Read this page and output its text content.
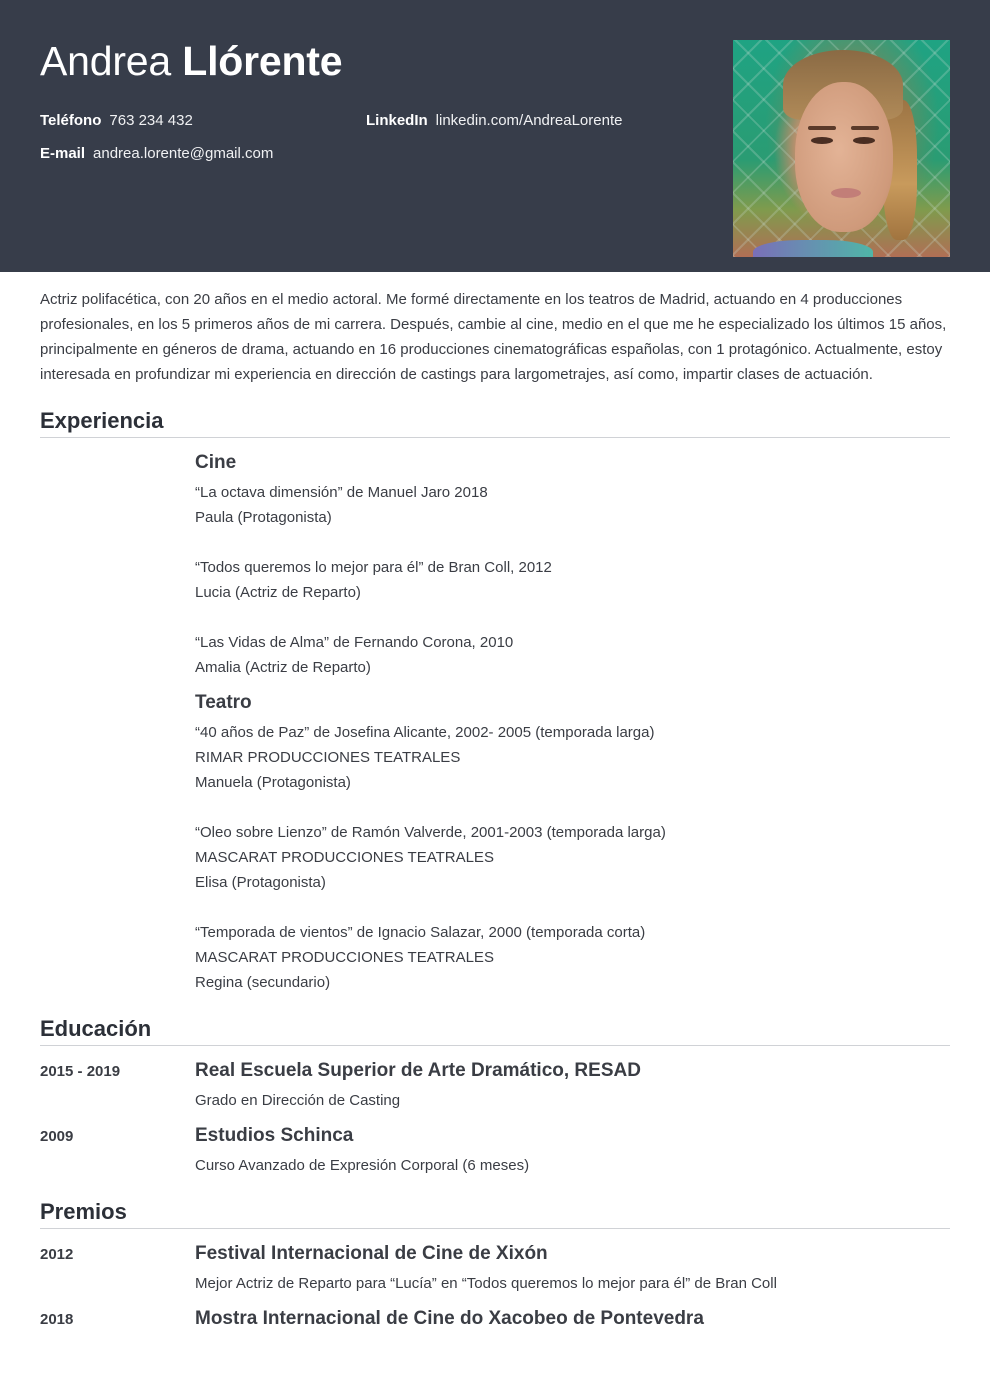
Andrea Llórente
Teléfono 763 234 432
E-mail andrea.lorente@gmail.com
LinkedIn linkedin.com/AndreaLorente

Actriz polifacética, con 20 años en el medio actoral. Me formé directamente en los teatros de Madrid, actuando en 4 producciones profesionales, en los 5 primeros años de mi carrera. Después, cambie al cine, medio en el que me he especializado los últimos 15 años, principalmente en géneros de drama, actuando en 16 producciones cinematográficas españolas, con 1 protagónico. Actualmente, estoy interesada en profundizar mi experiencia en dirección de castings para largometrajes, así como, impartir clases de actuación.

Experiencia
Cine
“La octava dimensión” de Manuel Jaro 2018
Paula (Protagonista)
“Todos queremos lo mejor para él” de Bran Coll, 2012
Lucia (Actriz de Reparto)
“Las Vidas de Alma” de Fernando Corona, 2010
Amalia (Actriz de Reparto)
Teatro
“40 años de Paz” de Josefina Alicante, 2002- 2005 (temporada larga)
RIMAR PRODUCCIONES TEATRALES
Manuela (Protagonista)
“Oleo sobre Lienzo” de Ramón Valverde, 2001-2003 (temporada larga)
MASCARAT PRODUCCIONES TEATRALES
Elisa (Protagonista)
“Temporada de vientos” de Ignacio Salazar, 2000 (temporada corta)
MASCARAT PRODUCCIONES TEATRALES
Regina (secundario)
Educación
2015 - 2019	Real Escuela Superior de Arte Dramático, RESAD
Grado en Dirección de Casting
2009	Estudios Schinca
Curso Avanzado de Expresión Corporal (6 meses)
Premios
2012	Festival Internacional de Cine de Xixón
Mejor Actriz de Reparto para “Lucía” en “Todos queremos lo mejor para él” de Bran Coll
2018	Mostra Internacional de Cine do Xacobeo de Pontevedra
